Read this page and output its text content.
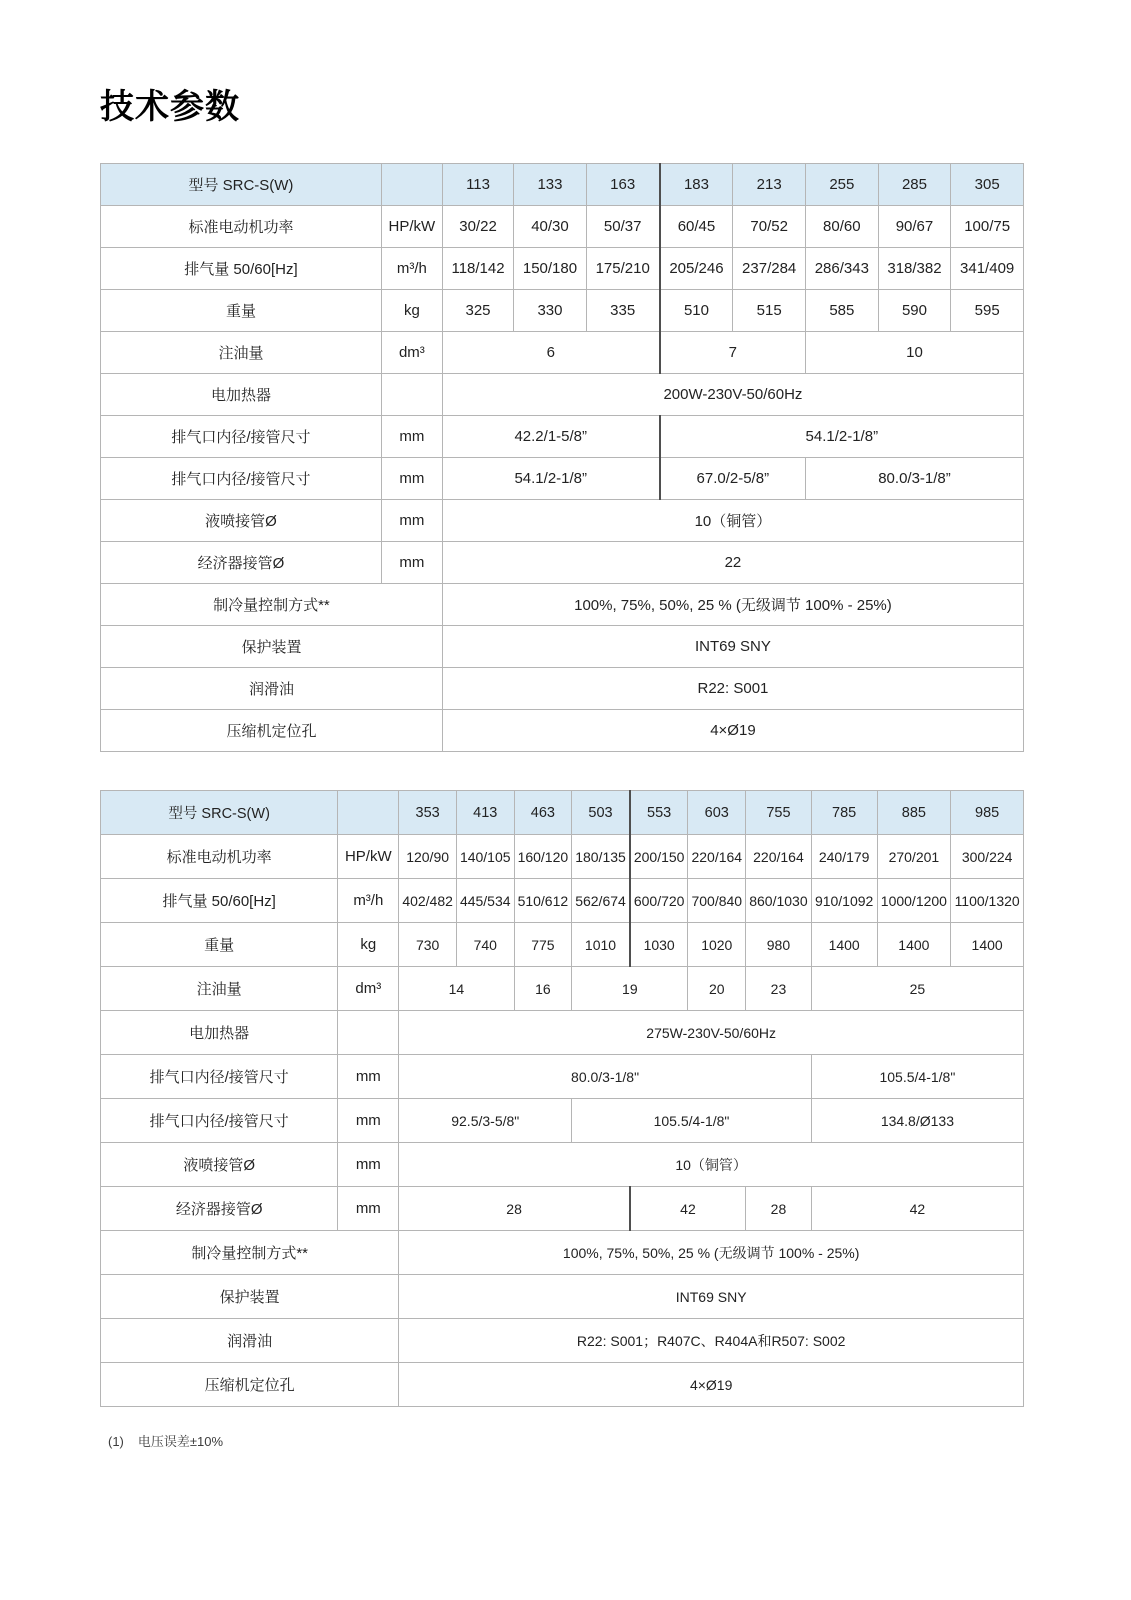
技术参数
型号 SRC-S(W)		113	133	163	183	213	255	285	305
标准电动机功率	HP/kW	30/22	40/30	50/37	60/45	70/52	80/60	90/67	100/75
排气量 50/60[Hz]	m³/h	118/142	150/180	175/210	205/246	237/284	286/343	318/382	341/409
重量	kg	325	330	335	510	515	585	590	595
注油量	dm³	6			7		10		
电加热器		200W-230V-50/60Hz							
排气口内径/接管尺寸	mm	42.2/1-5/8”			54.1/2-1/8”				
排气口内径/接管尺寸	mm	54.1/2-1/8”			67.0/2-5/8”		80.0/3-1/8”		
液喷接管Ø	mm	10（铜管）							
经济器接管Ø	mm	22							
制冷量控制方式**		100%, 75%, 50%, 25 % (无级调节 100% - 25%)							
保护装置		INT69 SNY							
润滑油		R22: S001							
压缩机定位孔		4×Ø19							
型号 SRC-S(W)		353	413	463	503	553	603	755	785	885	985
标准电动机功率	HP/kW	120/90	140/105	160/120	180/135	200/150	220/164	220/164	240/179	270/201	300/224
排气量 50/60[Hz]	m³/h	402/482	445/534	510/612	562/674	600/720	700/840	860/1030	910/1092	1000/1200	1100/1320
重量	kg	730	740	775	1010	1030	1020	980	1400	1400	1400
注油量	dm³	14		16	19		20	23	25		
电加热器		275W-230V-50/60Hz									
排气口内径/接管尺寸	mm	80.0/3-1/8"							105.5/4-1/8"		
排气口内径/接管尺寸	mm	92.5/3-5/8"			105.5/4-1/8"				134.8/Ø133		
液喷接管Ø	mm	10（铜管）									
经济器接管Ø	mm	28				42		28	42		
制冷量控制方式**		100%, 75%, 50%, 25 % (无级调节 100% - 25%)									
保护装置		INT69 SNY									
润滑油		R22: S001；R407C、R404A和R507: S002									
压缩机定位孔		4×Ø19									

(1) 电压误差±10%
